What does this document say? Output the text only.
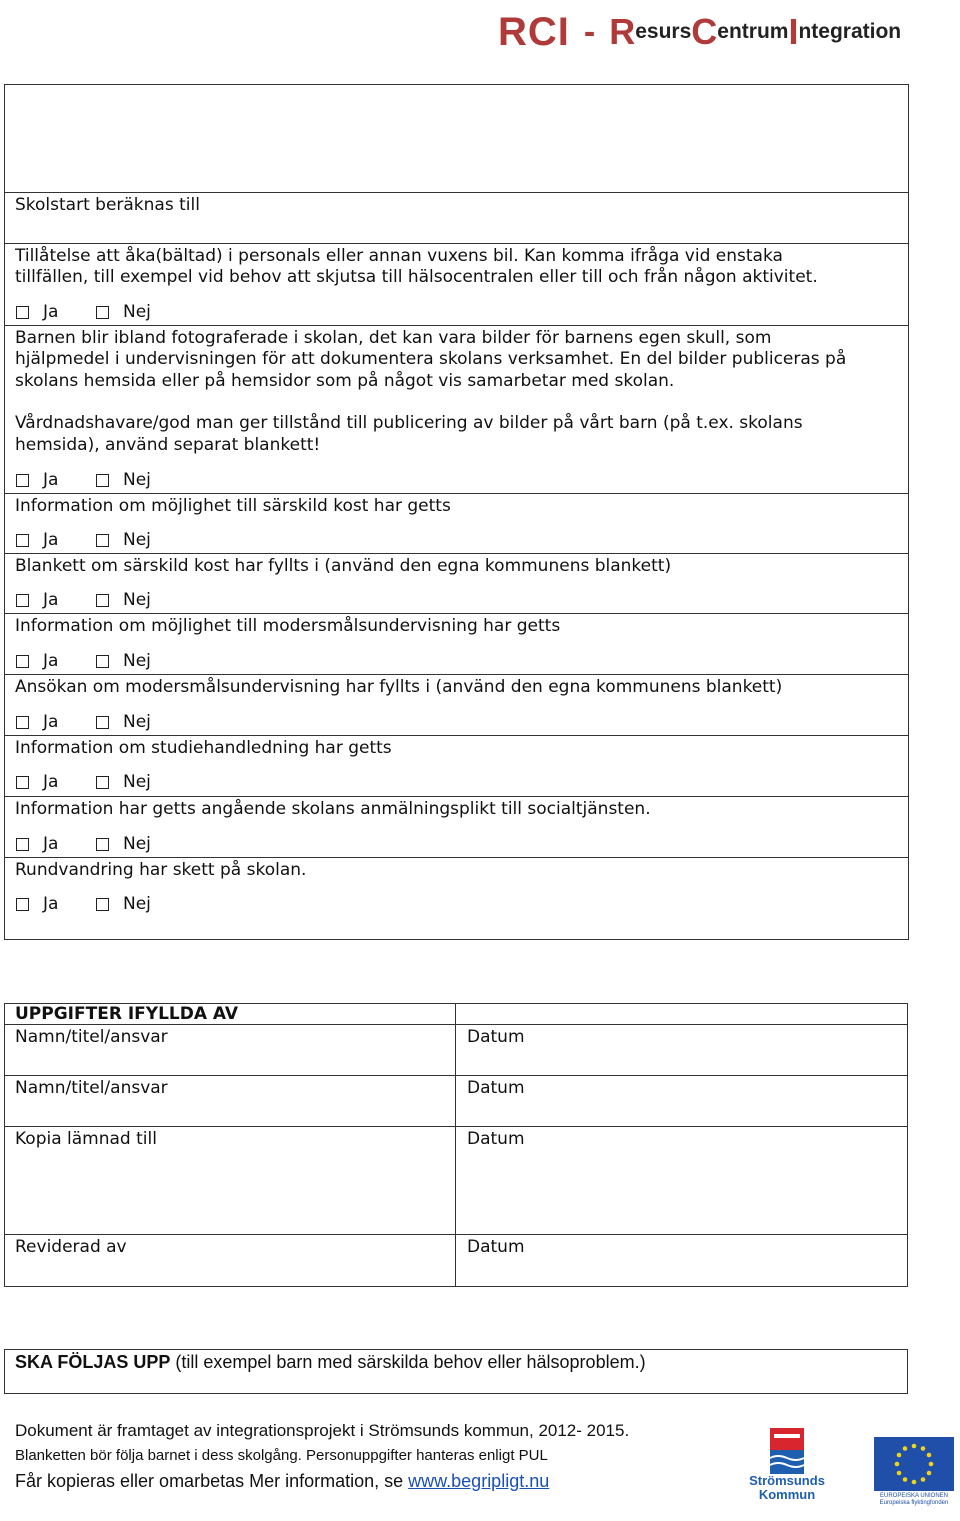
RCI - R esurs C entrum I ntegration
Skolstart beräknas till
Tillåtelse att åka(bältad) i personals eller annan vuxens bil. Kan komma ifråga vid enstaka
tillfällen, till exempel vid behov att skjutsa till hälsocentralen eller till och från någon aktivitet.
Ja	Nej
Barnen blir ibland fotograferade i skolan, det kan vara bilder för barnens egen skull, som
hjälpmedel i undervisningen för att dokumentera skolans verksamhet. En del bilder publiceras på
skolans hemsida eller på hemsidor som på något vis samarbetar med skolan.
Vårdnadshavare/god man ger tillstånd till publicering av bilder på vårt barn (på t.ex. skolans
hemsida), använd separat blankett!
Ja	Nej
Information om möjlighet till särskild kost har getts
Ja	Nej
Blankett om särskild kost har fyllts i (använd den egna kommunens blankett)
Ja	Nej
Information om möjlighet till modersmålsundervisning har getts
Ja	Nej
Ansökan om modersmålsundervisning har fyllts i (använd den egna kommunens blankett)
Ja	Nej
Information om studiehandledning har getts
Ja	Nej
Information har getts angående skolans anmälningsplikt till socialtjänsten.
Ja	Nej
Rundvandring har skett på skolan.
Ja	Nej
UPPGIFTER IFYLLDA AV
Namn/titel/ansvar	Datum
Namn/titel/ansvar	Datum
Kopia lämnad till	Datum
Reviderad av	Datum
SKA FÖLJAS UPP (till exempel barn med särskilda behov eller hälsoproblem.)
Dokument är framtaget av integrationsprojekt i Strömsunds kommun, 2012- 2015.
Blanketten bör följa barnet i dess skolgång. Personuppgifter hanteras enligt PUL
Får kopieras eller omarbetas Mer information, se www.begripligt.nu	Strömsunds
Kommun	EUROPEISKA UNIONEN
Europeiska flyktingfonden
